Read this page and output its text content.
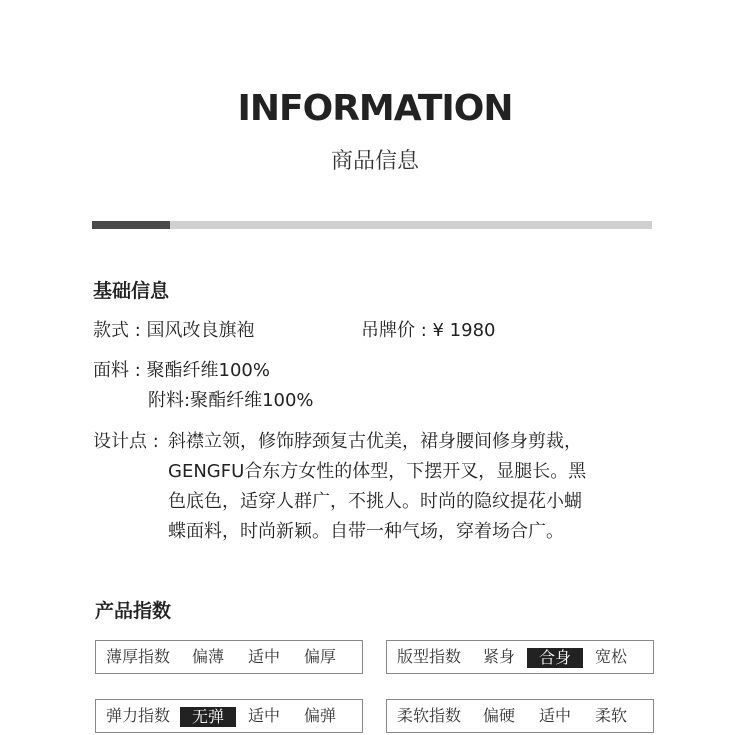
INFORMATION
商品信息
基础信息
款式 : 国风改良旗袍	吊牌价 : ¥ 1980
面料 : 聚酯纤维100%
附料:聚酯纤维100%
设计点 : 斜襟立领，修饰脖颈复古优美，裙身腰间修身剪裁，
GENGFU合东方女性的体型，下摆开叉，显腿长。黑
色底色，适穿人群广，不挑人。时尚的隐纹提花小蝴
蝶面料，时尚新颖。自带一种气场，穿着场合广。
产品指数
薄厚指数 偏薄 适中 偏厚	版型指数 紧身	合身	宽松
弹力指数	无弹	适中 偏弹	柔软指数 偏硬 适中 柔软
